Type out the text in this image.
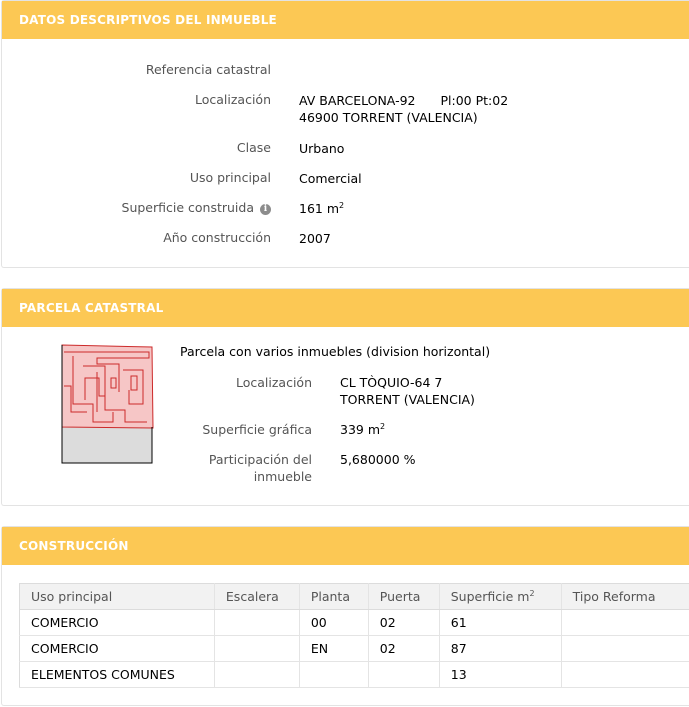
DATOS DESCRIPTIVOS DEL INMUEBLE
Referencia catastral
Localización AV BARCELONA-92 Pl:00 Pt:02
46900 TORRENT (VALENCIA)
Clase Urbano
Uso principal Comercial
Superficie construida i	161 $m^2$
Año construcción 2007
PARCELA CATASTRAL
Parcela con varios inmuebles (division horizontal)
Localización CL TÒQUIO-64 7
TORRENT (VALENCIA)
Superficie gráfica 339 $m^2$
Participación del
inmueble
5,680000 %
CONSTRUCCIÓN
Uso principal	Escalera	Planta	Puerta	Superficie $m^2$	Tipo Reforma
COMERCIO		00	02	61	
COMERCIO		EN	02	87	
ELEMENTOS COMUNES				13	
